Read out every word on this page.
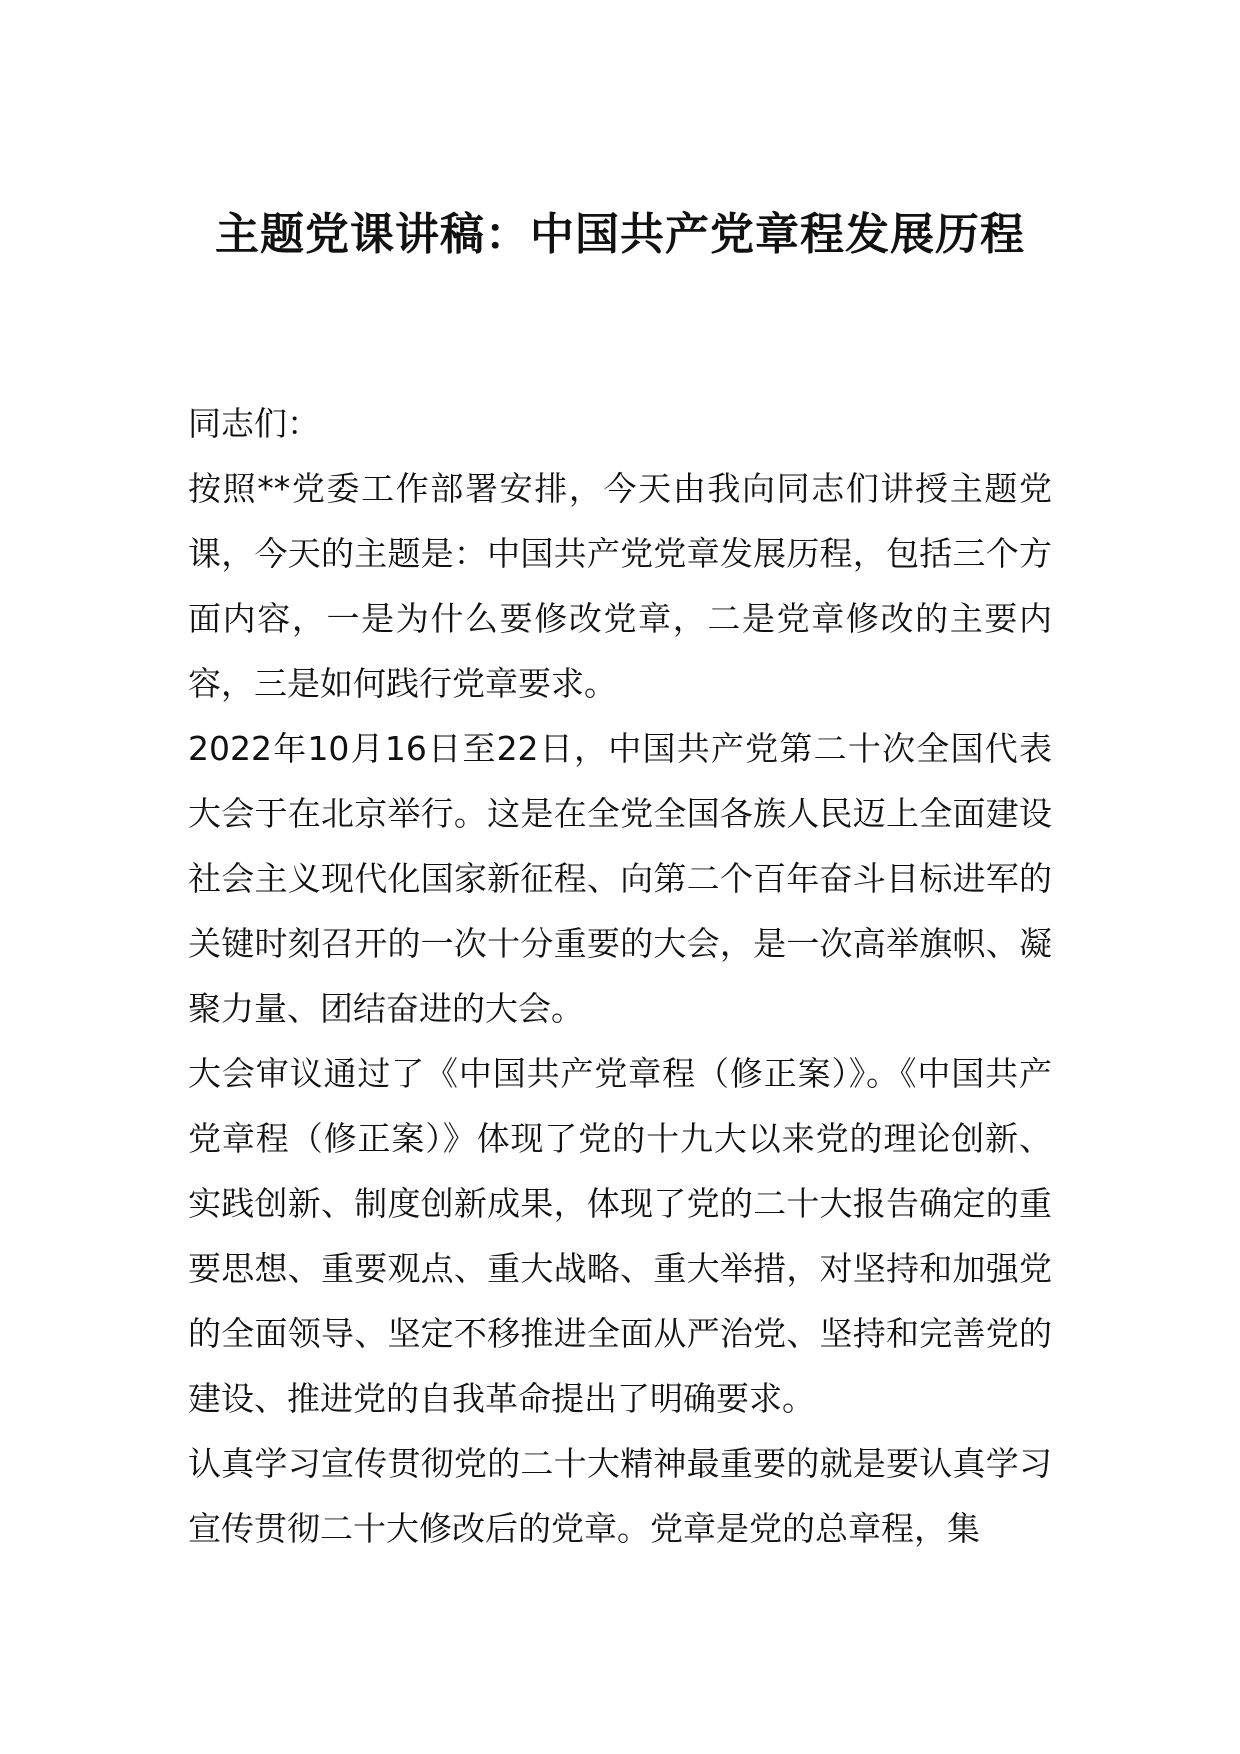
主题党课讲稿：中国共产党章程发展历程

同志们：

按照**党委工作部署安排，今天由我向同志们讲授主题党课，今天的主题是：中国共产党党章发展历程，包括三个方面内容，一是为什么要修改党章，二是党章修改的主要内容，三是如何践行党章要求。

2022年10月16日至22日，中国共产党第二十次全国代表大会于在北京举行。这是在全党全国各族人民迈上全面建设社会主义现代化国家新征程、向第二个百年奋斗目标进军的关键时刻召开的一次十分重要的大会，是一次高举旗帜、凝聚力量、团结奋进的大会。

大会审议通过了《中国共产党章程（修正案）》。《中国共产党章程（修正案）》体现了党的十九大以来党的理论创新、实践创新、制度创新成果，体现了党的二十大报告确定的重要思想、重要观点、重大战略、重大举措，对坚持和加强党的全面领导、坚定不移推进全面从严治党、坚持和完善党的建设、推进党的自我革命提出了明确要求。

认真学习宣传贯彻党的二十大精神最重要的就是要认真学习宣传贯彻二十大修改后的党章。党章是党的总章程，集
